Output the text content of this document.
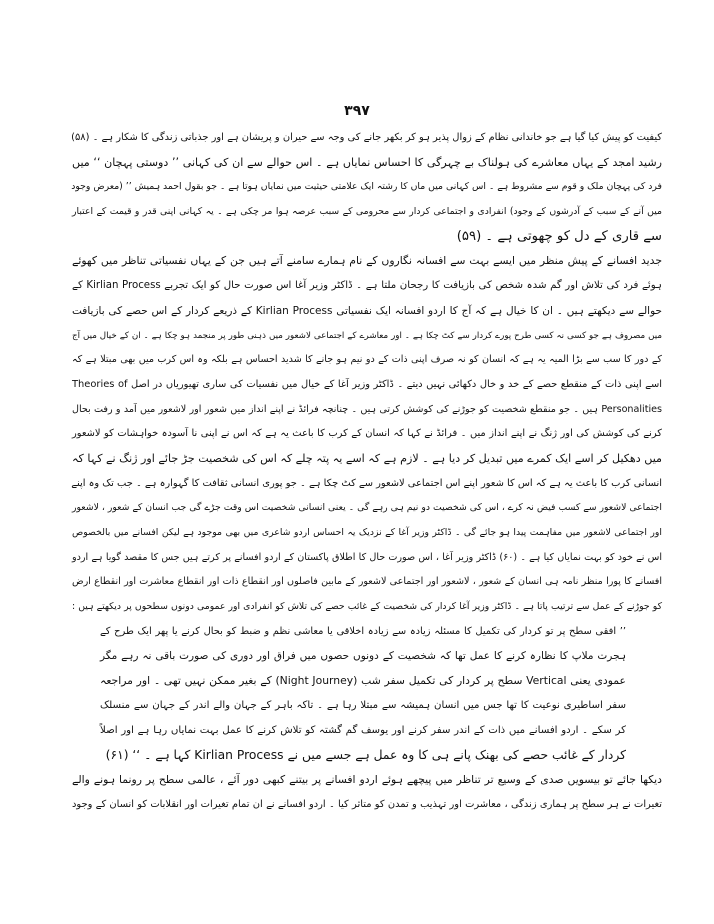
۳۹۷
کیفیت کو پیش کیا گیا ہے جو خاندانی نظام کے زوال پذیر ہو کر بکھر جانے کی وجہ سے حیران و پریشان ہے اور جذباتی زندگی کا شکار ہے ۔ (۵۸)
رشید امجد کے یہاں معاشرے کی ہولناک بے چہرگی کا احساس نمایاں ہے ۔ اس حوالے سے ان کی کہانی ’’ دوستی پہچان ‘‘ میں
فرد کی پہچان ملک و قوم سے مشروط ہے ۔ اس کہانی میں ماں کا رشتہ ایک علامتی حیثیت میں نمایاں ہوتا ہے ۔ جو بقول احمد ہمیش ’’ (معرض وجود
میں آنے کے سبب کے آدرشوں کے وجود) انفرادی و اجتماعی کردار سے محرومی کے سبب عرصہ ہوا مر چکی ہے ۔ یہ کہانی اپنی قدر و قیمت کے اعتبار
سے قاری کے دل کو چھوتی ہے ۔ (۵۹)
جدید افسانے کے پیش منظر میں ایسے بہت سے افسانہ نگاروں کے نام ہمارے سامنے آتے ہیں جن کے یہاں نفسیاتی تناظر میں کھوئے
ہوئے فرد کی تلاش اور گم شدہ شخص کی بازیافت کا رجحان ملتا ہے ۔ ڈاکٹر وزیر آغا اس صورت حال کو ایک تجربے Kirlian Process کے
حوالے سے دیکھتے ہیں ۔ ان کا خیال ہے کہ آج کا اردو افسانہ ایک نفسیاتی Kirlian Process کے ذریعے کردار کے اس حصے کی بازیافت
میں مصروف ہے جو کسی نہ کسی طرح پورے کردار سے کٹ چکا ہے ۔ اور معاشرے کے اجتماعی لاشعور میں ذہنی طور پر منجمد ہو چکا ہے ۔ ان کے خیال میں آج
کے دور کا سب سے بڑا المیہ یہ ہے کہ انسان کو نہ صرف اپنی ذات کے دو نیم ہو جانے کا شدید احساس ہے بلکہ وہ اس کرب میں بھی مبتلا ہے کہ
اسے اپنی ذات کے منقطع حصے کے خد و خال دکھائی نہیں دیتے ۔ ڈاکٹر وزیر آغا کے خیال میں نفسیات کی ساری تھیوریاں در اصل Theories of
Personalities ہیں ۔ جو منقطع شخصیت کو جوڑنے کی کوشش کرتی ہیں ۔ چنانچہ فرائڈ نے اپنے انداز میں شعور اور لاشعور میں آمد و رفت بحال
کرنے کی کوشش کی اور ژنگ نے اپنے انداز میں ۔ فرائڈ نے کہا کہ انسان کے کرب کا باعث یہ ہے کہ اس نے اپنی نا آسودہ خواہشات کو لاشعور
میں دھکیل کر اسے ایک کمرے میں تبدیل کر دیا ہے ۔ لازم ہے کہ اسے یہ پتہ چلے کہ اس کی شخصیت جڑ جائے اور ژنگ نے کہا کہ
انسانی کرب کا باعث یہ ہے کہ اس کا شعور اپنے اس اجتماعی لاشعور سے کٹ چکا ہے ۔ جو پوری انسانی ثقافت کا گہوارہ ہے ۔ جب تک وہ اپنے
اجتماعی لاشعور سے کسب فیض نہ کرے ، اس کی شخصیت دو نیم ہی رہے گی ۔ یعنی انسانی شخصیت اس وقت جڑے گی جب انسان کے شعور ، لاشعور
اور اجتماعی لاشعور میں مفاہمت پیدا ہو جائے گی ۔ ڈاکٹر وزیر آغا کے نزدیک یہ احساس اردو شاعری میں بھی موجود ہے لیکن افسانے میں بالخصوص
اس نے خود کو بہت نمایاں کیا ہے ۔ (۶۰) ڈاکٹر وزیر آغا ، اس صورت حال کا اطلاق پاکستان کے اردو افسانے پر کرتے ہیں جس کا مقصد گویا ہے اردو
افسانے کا پورا منظر نامہ ہی انسان کے شعور ، لاشعور اور اجتماعی لاشعور کے مابین فاصلوں اور انقطاع ذات اور انقطاع معاشرت اور انقطاع ارض
کو جوڑنے کے عمل سے ترتیب پاتا ہے ۔ ڈاکٹر وزیر آغا کردار کی شخصیت کے غائب حصے کی تلاش کو انفرادی اور عمومی دونوں سطحوں پر دیکھتے ہیں :
’’ افقی سطح پر تو کردار کی تکمیل کا مسئلہ زیادہ سے زیادہ اخلاقی یا معاشی نظم و ضبط کو بحال کرنے یا پھر ایک طرح کے
ہجرت ملاپ کا نظارہ کرنے کا عمل تھا کہ شخصیت کے دونوں حصوں میں فراق اور دوری کی صورت باقی نہ رہے مگر
عمودی یعنی Vertical سطح پر کردار کی تکمیل سفر شب (Night Journey) کے بغیر ممکن نہیں تھی ۔ اور مراجعہ
سفر اساطیری نوعیت کا تھا جس میں انسان ہمیشہ سے مبتلا رہا ہے ۔ تاکہ باہر کے جہان والے اندر کے جہان سے منسلک
کر سکے ۔ اردو افسانے میں ذات کے اندر سفر کرنے اور یوسف گم گشتہ کو تلاش کرنے کا عمل بہت نمایاں رہا ہے اور اصلاً
کردار کے غائب حصے کی بھنک پانے ہی کا وہ عمل ہے جسے میں نے Kirlian Process کہا ہے ۔ ‘‘ (۶۱)
دیکھا جائے تو بیسویں صدی کے وسیع تر تناظر میں پیچھے ہوئے اردو افسانے پر بیتنے کبھی دور آئے ، عالمی سطح پر رونما ہونے والے
تغیرات نے ہر سطح پر ہماری زندگی ، معاشرت اور تہذیب و تمدن کو متاثر کیا ۔ اردو افسانے نے ان تمام تغیرات اور انقلابات کو انسان کے وجود
